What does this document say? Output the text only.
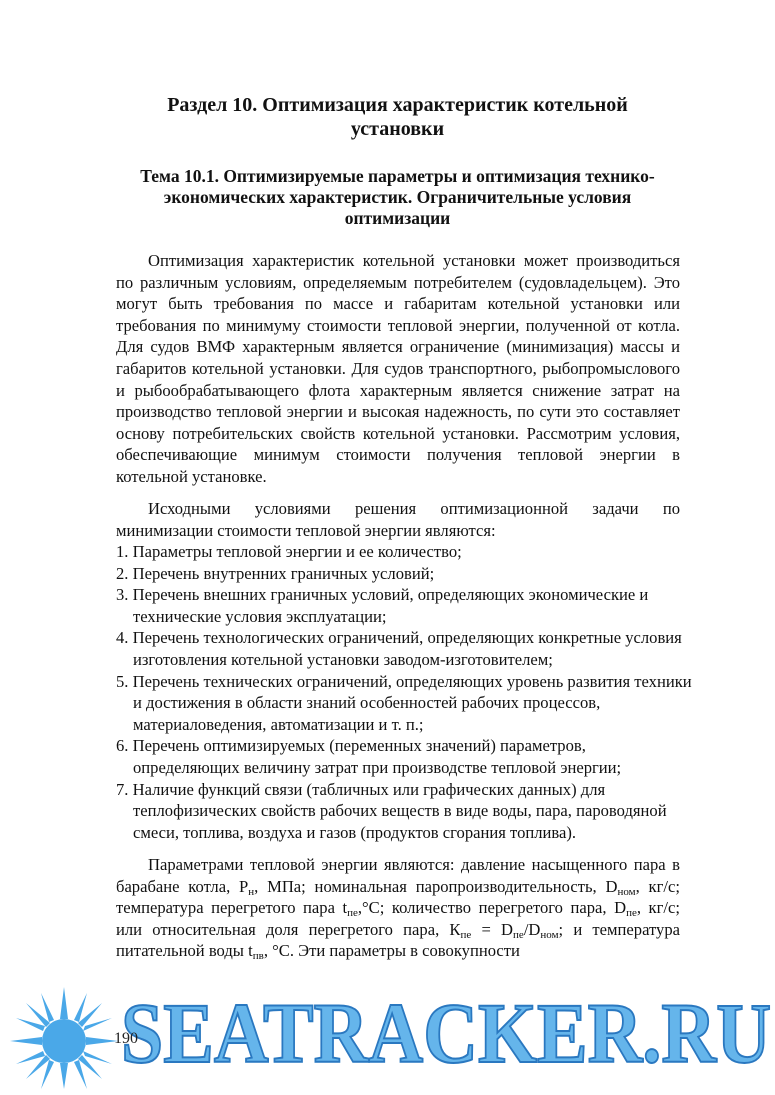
Раздел 10. Оптимизация характеристик котельной
установки
Тема 10.1. Оптимизируемые параметры и оптимизация технико-
экономических характеристик. Ограничительные условия
оптимизации
Оптимизация характеристик котельной установки может производиться по различным условиям, определяемым потребителем (судовладельцем). Это могут быть требования по массе и габаритам котельной установки или требования по минимуму стоимости тепловой энергии, полученной от котла. Для судов ВМФ характерным является ограничение (минимизация) массы и габаритов котельной установки. Для судов транспортного, рыбопромыслового и рыбообрабатывающего флота характерным является снижение затрат на производство тепловой энергии и высокая надежность, по сути это составляет основу потребительских свойств котельной установки. Рассмотрим условия, обеспечивающие минимум стоимости получения тепловой энергии в котельной установке.
Исходными условиями решения оптимизационной задачи по минимизации стоимости тепловой энергии являются:
1. Параметры тепловой энергии и ее количество;
2. Перечень внутренних граничных условий;
3. Перечень внешних граничных условий, определяющих экономические и технические условия эксплуатации;
4. Перечень технологических ограничений, определяющих конкретные условия изготовления котельной установки заводом-изготовителем;
5. Перечень технических ограничений, определяющих уровень развития техники и достижения в области знаний особенностей рабочих процессов, материаловедения, автоматизации и т. п.;
6. Перечень оптимизируемых (переменных значений) параметров, определяющих величину затрат при производстве тепловой энергии;
7. Наличие функций связи (табличных или графических данных) для теплофизических свойств рабочих веществ в виде воды, пара, пароводяной смеси, топлива, воздуха и газов (продуктов сгорания топлива).
Параметрами тепловой энергии являются: давление насыщенного пара в барабане котла, $Р_н$, МПа; номинальная паропроизводительность, $D_{ном}$, кг/с; температура перегретого пара $t_{пе},^\circ С$; количество перегретого пара, $D_{пе}$, кг/с; или относительная доля перегретого пара, $К_{пе} = D_{пе}/D_{ном}$; и температура питательной воды $t_{пв}$, °С. Эти параметры в совокупности
SEATRACKER.RU
190
